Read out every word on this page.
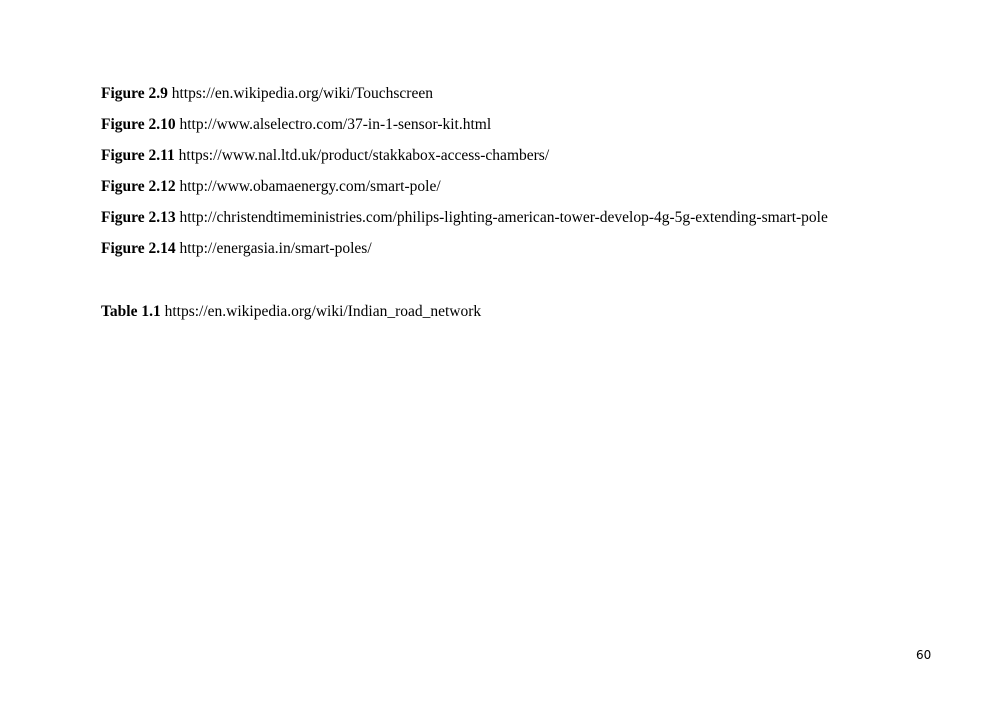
Figure 2.9 https://en.wikipedia.org/wiki/Touchscreen
Figure 2.10 http://www.alselectro.com/37-in-1-sensor-kit.html
Figure 2.11 https://www.nal.ltd.uk/product/stakkabox-access-chambers/
Figure 2.12 http://www.obamaenergy.com/smart-pole/
Figure 2.13 http://christendtimeministries.com/philips-lighting-american-tower-develop-4g-5g-extending-smart-pole
Figure 2.14 http://energasia.in/smart-poles/
Table 1.1 https://en.wikipedia.org/wiki/Indian_road_network
60
